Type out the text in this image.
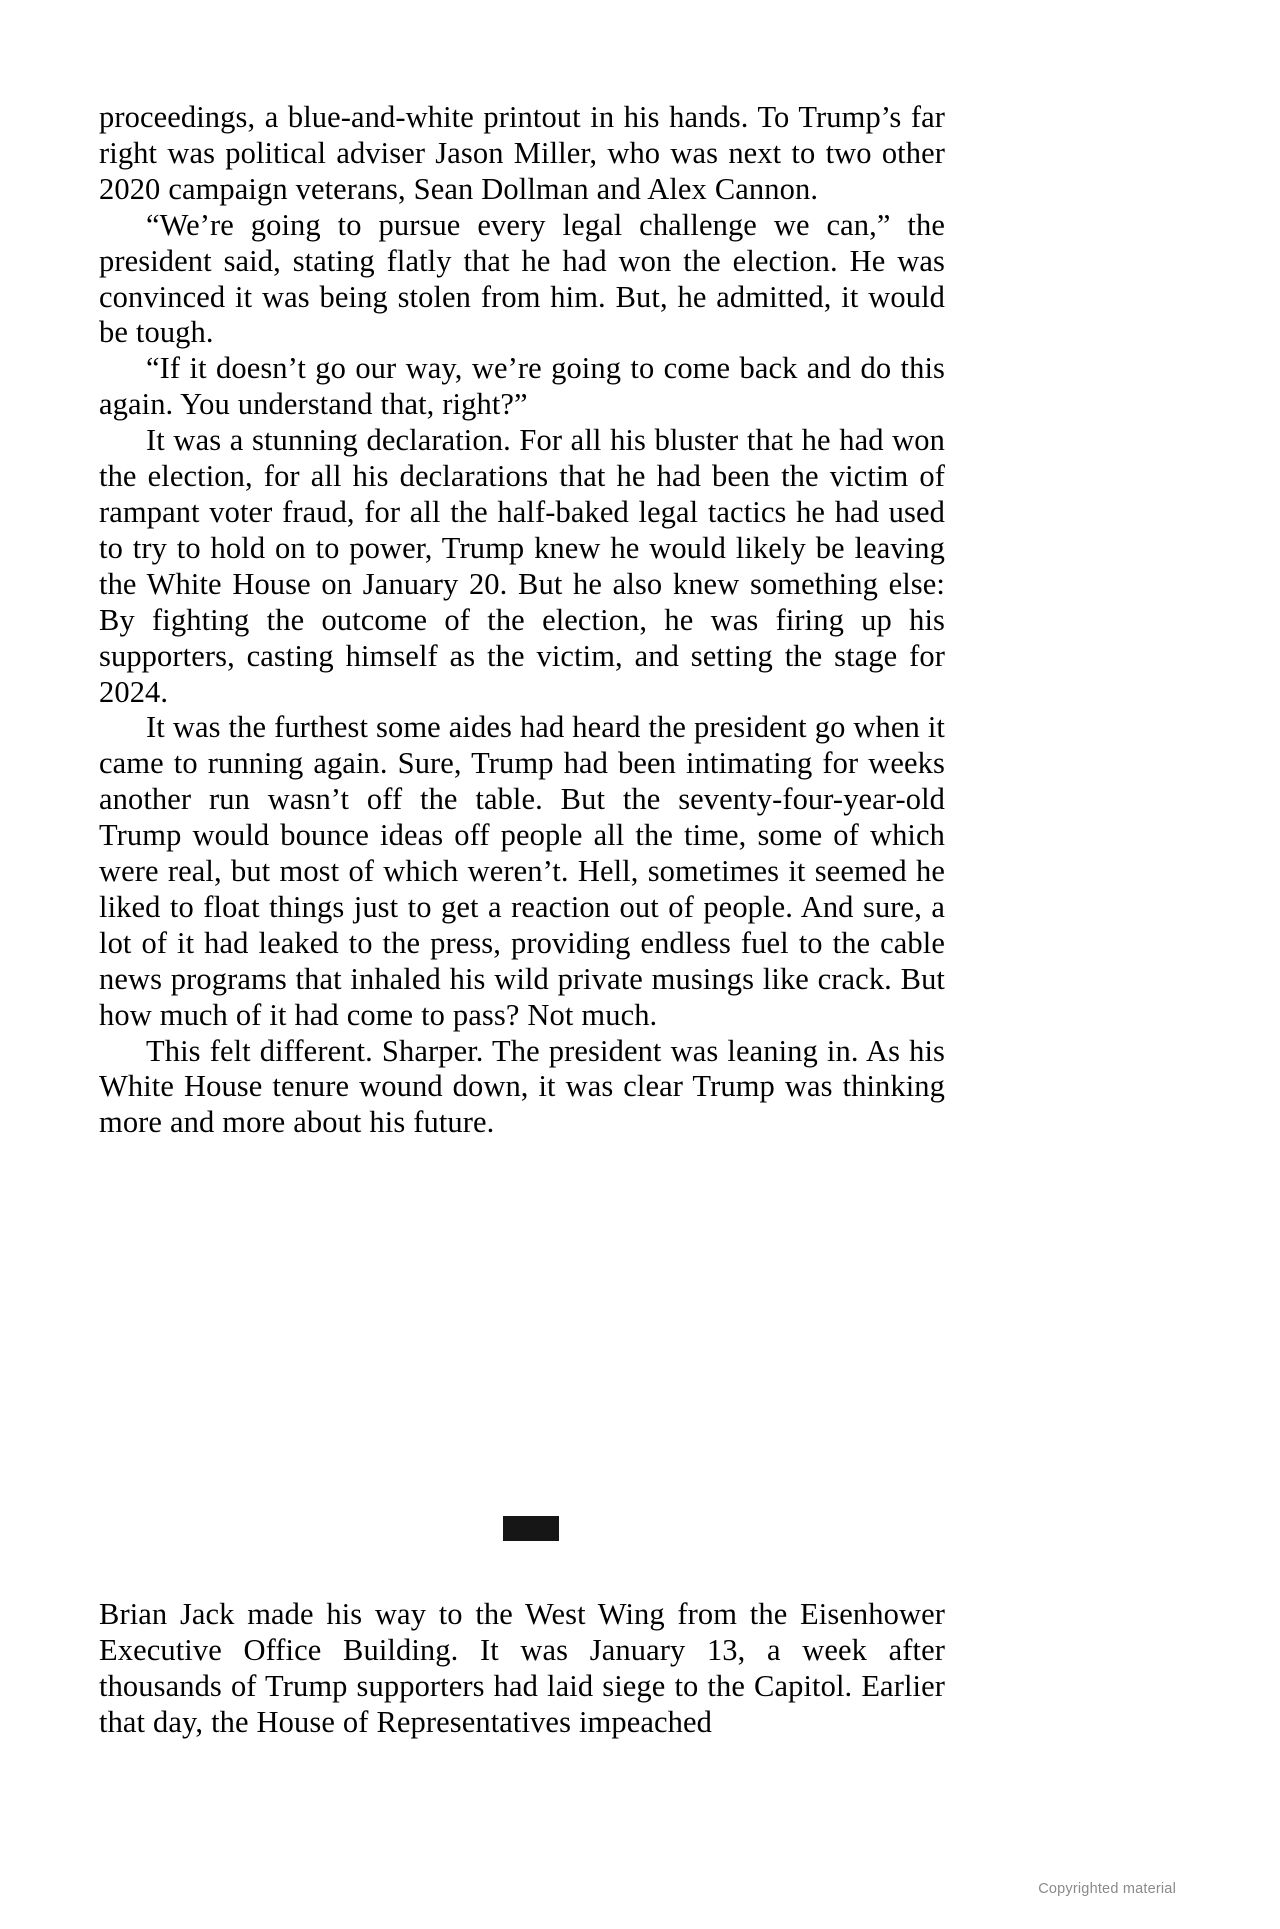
proceedings, a blue-and-white printout in his hands. To Trump’s far right was political adviser Jason Miller, who was next to two other 2020 campaign veterans, Sean Dollman and Alex Cannon.

“We’re going to pursue every legal challenge we can,” the president said, stating flatly that he had won the election. He was convinced it was being stolen from him. But, he admitted, it would be tough.

“If it doesn’t go our way, we’re going to come back and do this again. You understand that, right?”

It was a stunning declaration. For all his bluster that he had won the election, for all his declarations that he had been the victim of rampant voter fraud, for all the half-baked legal tactics he had used to try to hold on to power, Trump knew he would likely be leaving the White House on January 20. But he also knew something else: By fighting the outcome of the election, he was firing up his supporters, casting himself as the victim, and setting the stage for 2024.

It was the furthest some aides had heard the president go when it came to running again. Sure, Trump had been intimating for weeks another run wasn’t off the table. But the seventy-four-year-old Trump would bounce ideas off people all the time, some of which were real, but most of which weren’t. Hell, sometimes it seemed he liked to float things just to get a reaction out of people. And sure, a lot of it had leaked to the press, providing endless fuel to the cable news programs that inhaled his wild private musings like crack. But how much of it had come to pass? Not much.

This felt different. Sharper. The president was leaning in. As his White House tenure wound down, it was clear Trump was thinking more and more about his future.

Brian Jack made his way to the West Wing from the Eisenhower Executive Office Building. It was January 13, a week after thousands of Trump supporters had laid siege to the Capitol. Earlier that day, the House of Representatives impeached

Copyrighted material
